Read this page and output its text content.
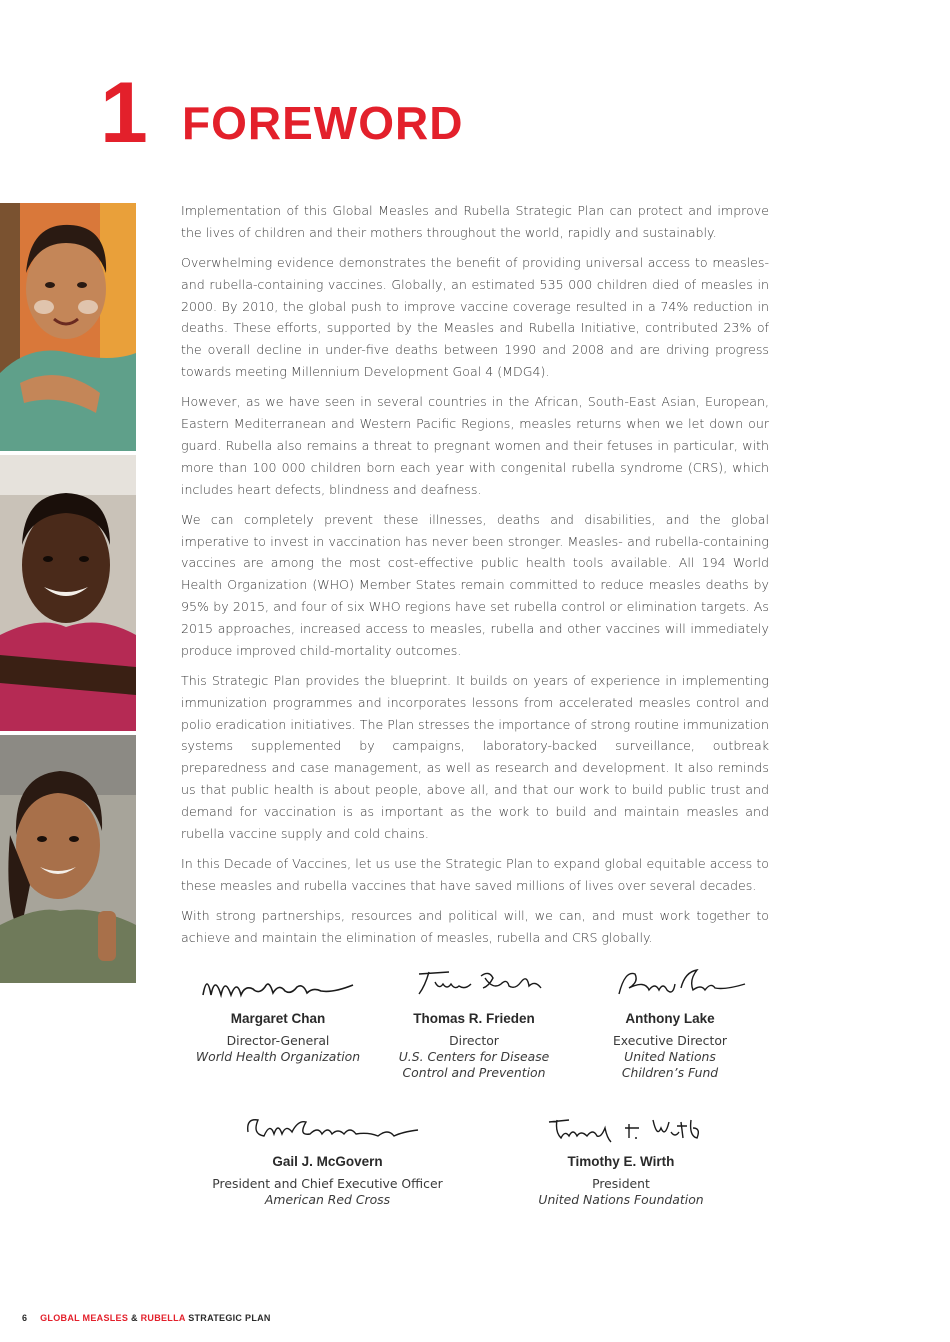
1 FOREWORD

Implementation of this Global Measles and Rubella Strategic Plan can protect and improve the lives of children and their mothers throughout the world, rapidly and sustainably.

Overwhelming evidence demonstrates the benefit of providing universal access to measles- and rubella-containing vaccines. Globally, an estimated 535 000 children died of measles in 2000. By 2010, the global push to improve vaccine coverage resulted in a 74% reduction in deaths. These efforts, supported by the Measles and Rubella Initiative, contributed 23% of the overall decline in under-five deaths between 1990 and 2008 and are driving progress towards meeting Millennium Development Goal 4 (MDG4).

However, as we have seen in several countries in the African, South-East Asian, European, Eastern Mediterranean and Western Pacific Regions, measles returns when we let down our guard. Rubella also remains a threat to pregnant women and their fetuses in particular, with more than 100 000 children born each year with congenital rubella syndrome (CRS), which includes heart defects, blindness and deafness.

We can completely prevent these illnesses, deaths and disabilities, and the global imperative to invest in vaccination has never been stronger. Measles- and rubella-containing vaccines are among the most cost-effective public health tools available. All 194 World Health Organization (WHO) Member States remain committed to reduce measles deaths by 95% by 2015, and four of six WHO regions have set rubella control or elimination targets. As 2015 approaches, increased access to measles, rubella and other vaccines will immediately produce improved child-mortality outcomes.

This Strategic Plan provides the blueprint. It builds on years of experience in implementing immunization programmes and incorporates lessons from accelerated measles control and polio eradication initiatives. The Plan stresses the importance of strong routine immunization systems supplemented by campaigns, laboratory-backed surveillance, outbreak preparedness and case management, as well as research and development. It also reminds us that public health is about people, above all, and that our work to build public trust and demand for vaccination is as important as the work to build and maintain measles and rubella vaccine supply and cold chains.

In this Decade of Vaccines, let us use the Strategic Plan to expand global equitable access to these measles and rubella vaccines that have saved millions of lives over several decades.

With strong partnerships, resources and political will, we can, and must work together to achieve and maintain the elimination of measles, rubella and CRS globally.

Margaret Chan
Director-General
World Health Organization
Thomas R. Frieden
Director
U.S. Centers for Disease
Control and Prevention
Anthony Lake
Executive Director
United Nations
Children’s Fund
Gail J. McGovern
President and Chief Executive Officer
American Red Cross
Timothy E. Wirth
President
United Nations Foundation
6 GLOBAL MEASLES & RUBELLA STRATEGIC PLAN
